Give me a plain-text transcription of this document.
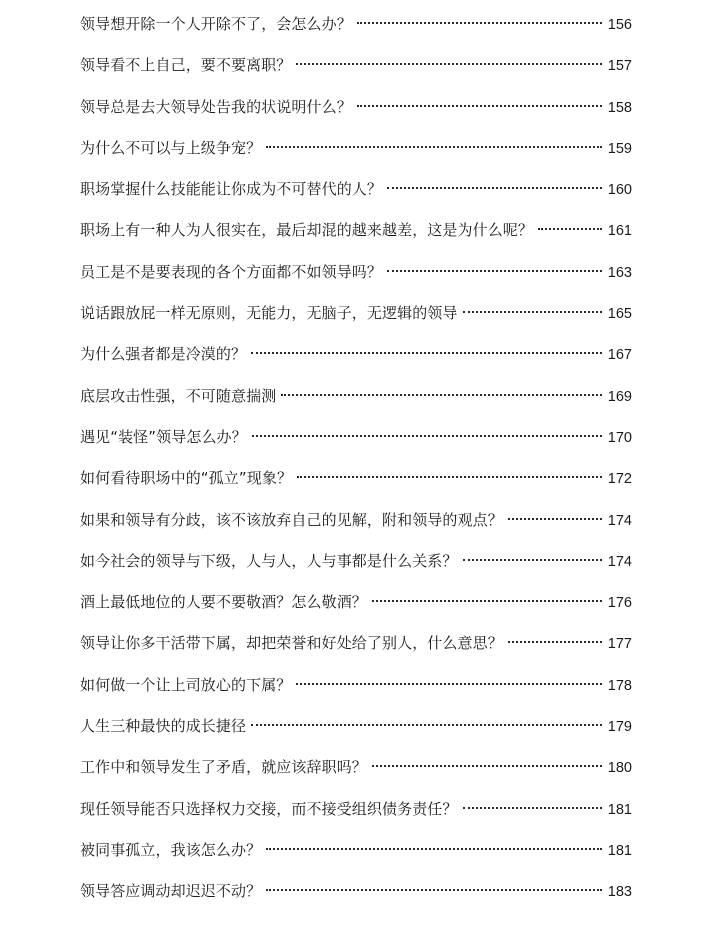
领导想开除一个人开除不了，会怎么办？	156
领导看不上自己，要不要离职？	157
领导总是去大领导处告我的状说明什么？	158
为什么不可以与上级争宠？	159
职场掌握什么技能能让你成为不可替代的人？	160
职场上有一种人为人很实在，最后却混的越来越差，这是为什么呢？	161
员工是不是要表现的各个方面都不如领导吗？	163
说话跟放屁一样无原则，无能力，无脑子，无逻辑的领导	165
为什么强者都是冷漠的？	167
底层攻击性强，不可随意揣测	169
遇见“装怪”领导怎么办？	170
如何看待职场中的“孤立”现象？	172
如果和领导有分歧，该不该放弃自己的见解，附和领导的观点？	174
如今社会的领导与下级，人与人，人与事都是什么关系？	174
酒上最低地位的人要不要敬酒？怎么敬酒？	176
领导让你多干活带下属，却把荣誉和好处给了别人，什么意思？	177
如何做一个让上司放心的下属？	178
人生三种最快的成长捷径	179
工作中和领导发生了矛盾，就应该辞职吗？	180
现任领导能否只选择权力交接，而不接受组织债务责任？	181
被同事孤立，我该怎么办？	181
领导答应调动却迟迟不动？	183
